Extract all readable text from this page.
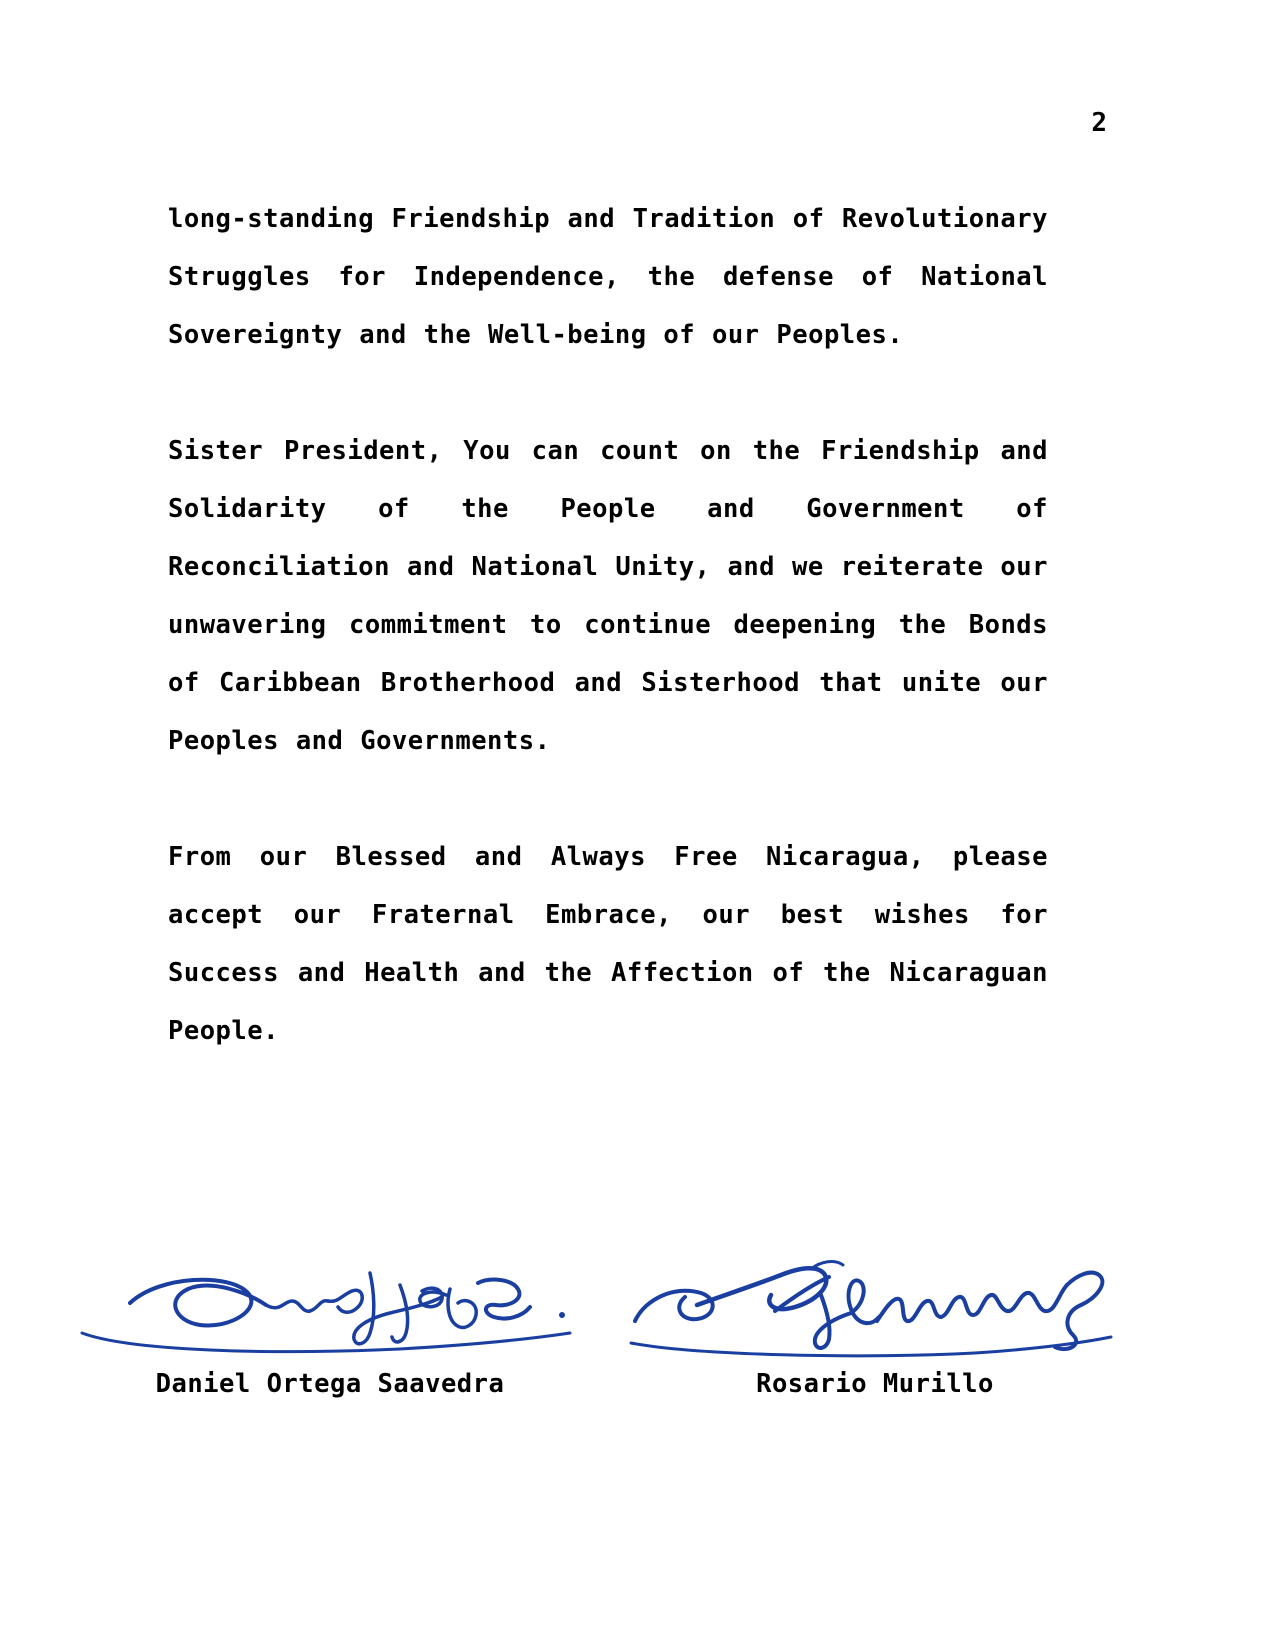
2

long-standing Friendship and Tradition of Revolutionary Struggles for Independence, the defense of National Sovereignty and the Well-being of our Peoples.

Sister President, You can count on the Friendship and Solidarity of the People and Government of Reconciliation and National Unity, and we reiterate our unwavering commitment to continue deepening the Bonds of Caribbean Brotherhood and Sisterhood that unite our Peoples and Governments.

From our Blessed and Always Free Nicaragua, please accept our Fraternal Embrace, our best wishes for Success and Health and the Affection of the Nicaraguan People.

Daniel Ortega Saavedra	Rosario Murillo
